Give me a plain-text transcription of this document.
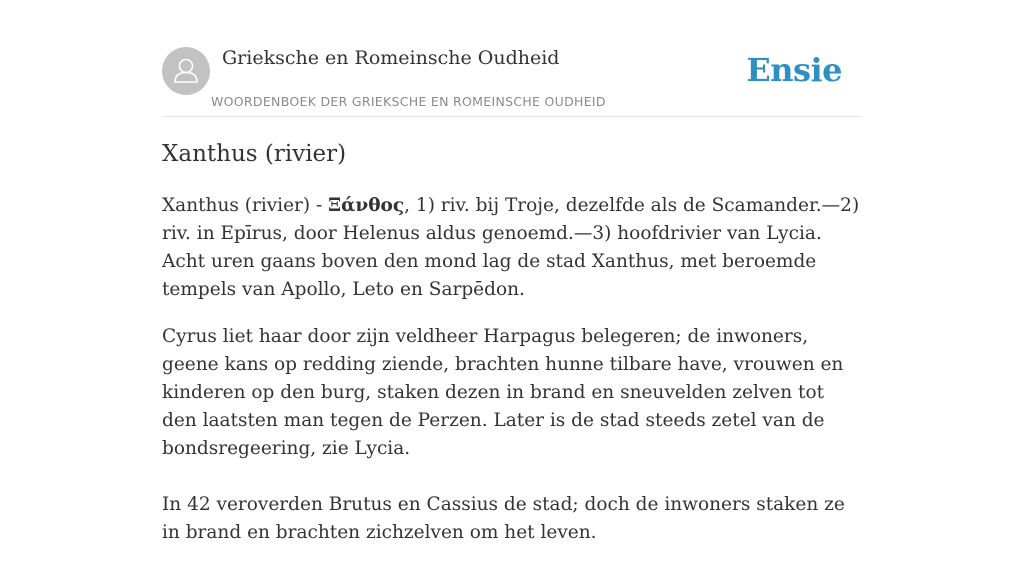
Grieksche en Romeinsche Oudheid
WOORDENBOEK DER GRIEKSCHE EN ROMEINSCHE OUDHEID
Ensie
Xanthus (rivier)

Xanthus (rivier) - Ξάνθος, 1) riv. bij Troje, dezelfde als de Scamander.—2) riv. in Epīrus, door Helenus aldus genoemd.—3) hoofdrivier van Lycia. Acht uren gaans boven den mond lag de stad Xanthus, met beroemde tempels van Apollo, Leto en Sarpēdon.

Cyrus liet haar door zijn veldheer Harpagus belegeren; de inwoners, geene kans op redding ziende, brachten hunne tilbare have, vrouwen en kinderen op den burg, staken dezen in brand en sneuvelden zelven tot den laatsten man tegen de Perzen. Later is de stad steeds zetel van de bondsregeering, zie Lycia.

In 42 veroverden Brutus en Cassius de stad; doch de inwoners staken ze in brand en brachten zichzelven om het leven.
